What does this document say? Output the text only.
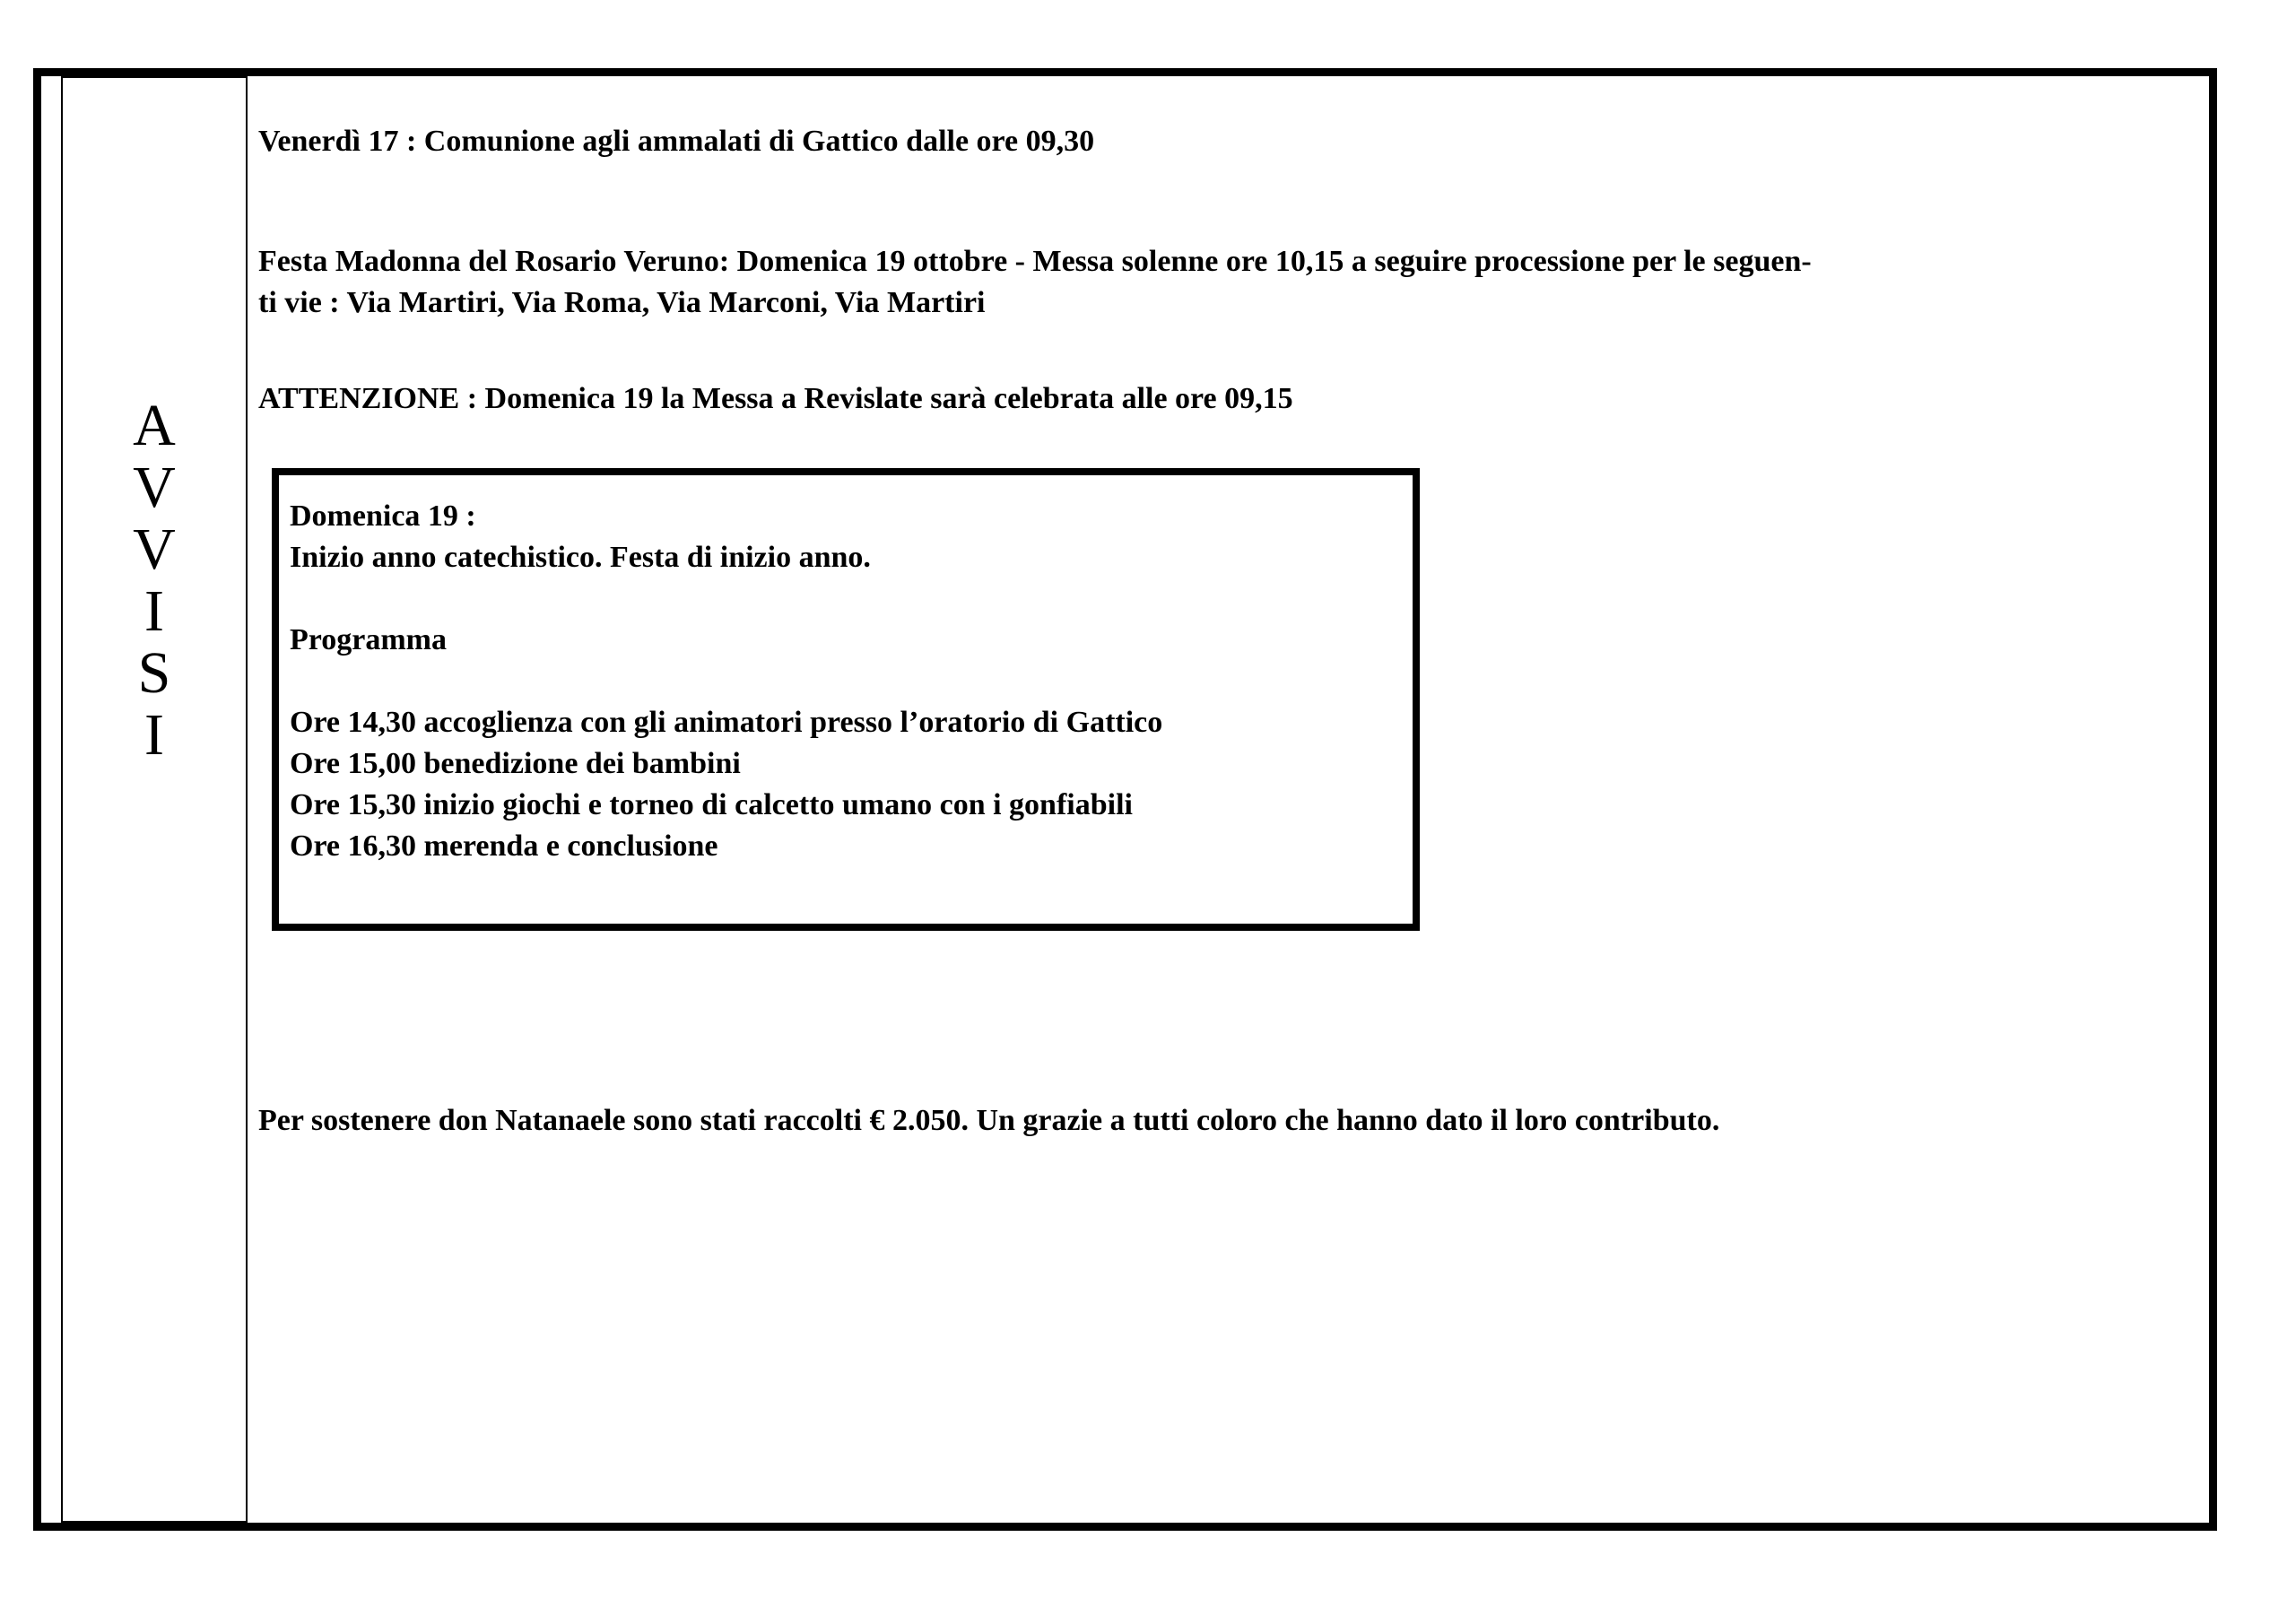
A
V
V
I
S
I
Venerdì 17 : Comunione agli ammalati di Gattico dalle ore 09,30
Festa Madonna del Rosario Veruno: Domenica 19 ottobre - Messa solenne ore 10,15 a seguire processione per le seguen-
ti vie : Via Martiri, Via Roma, Via Marconi, Via Martiri
ATTENZIONE : Domenica 19 la Messa a Revislate sarà celebrata alle ore 09,15
Domenica 19 :
Inizio anno catechistico. Festa di inizio anno.
Programma
Ore 14,30 accoglienza con gli animatori presso l’oratorio di Gattico
Ore 15,00 benedizione dei bambini
Ore 15,30 inizio giochi e torneo di calcetto umano con i gonfiabili
Ore 16,30 merenda e conclusione
Per sostenere don Natanaele sono stati raccolti € 2.050. Un grazie a tutti coloro che hanno dato il loro contributo.
